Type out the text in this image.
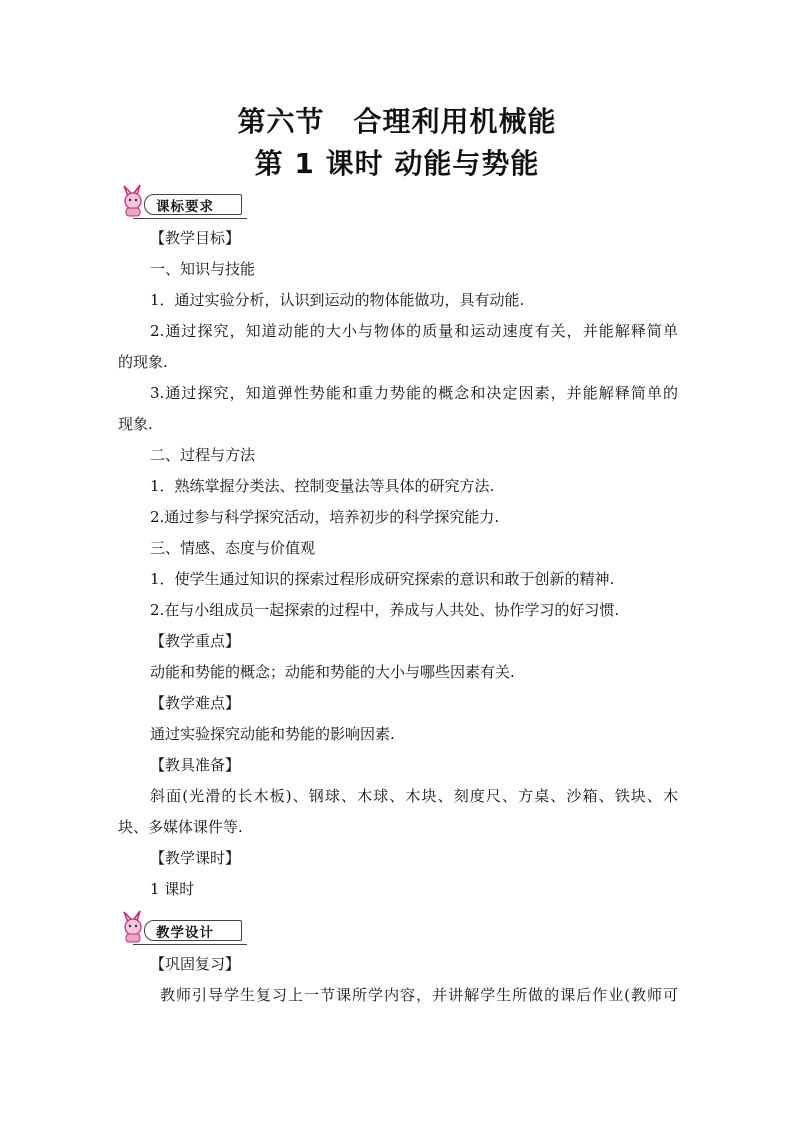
第六节　合理利用机械能
第 1 课时 动能与势能
课标要求
【教学目标】
一、知识与技能
1．通过实验分析，认识到运动的物体能做功，具有动能.
2.通过探究，知道动能的大小与物体的质量和运动速度有关，并能解释简单
的现象.
3.通过探究，知道弹性势能和重力势能的概念和决定因素，并能解释简单的
现象.
二、过程与方法
1．熟练掌握分类法、控制变量法等具体的研究方法.
2.通过参与科学探究活动，培养初步的科学探究能力.
三、情感、态度与价值观
1．使学生通过知识的探索过程形成研究探索的意识和敢于创新的精神.
2.在与小组成员一起探索的过程中，养成与人共处、协作学习的好习惯.
【教学重点】
动能和势能的概念；动能和势能的大小与哪些因素有关.
【教学难点】
通过实验探究动能和势能的影响因素.
【教具准备】
斜面(光滑的长木板)、钢球、木球、木块、刻度尺、方桌、沙箱、铁块、木
块、多媒体课件等.
【教学课时】
1 课时
教学设计
【巩固复习】
教师引导学生复习上一节课所学内容，并讲解学生所做的课后作业(教师可
